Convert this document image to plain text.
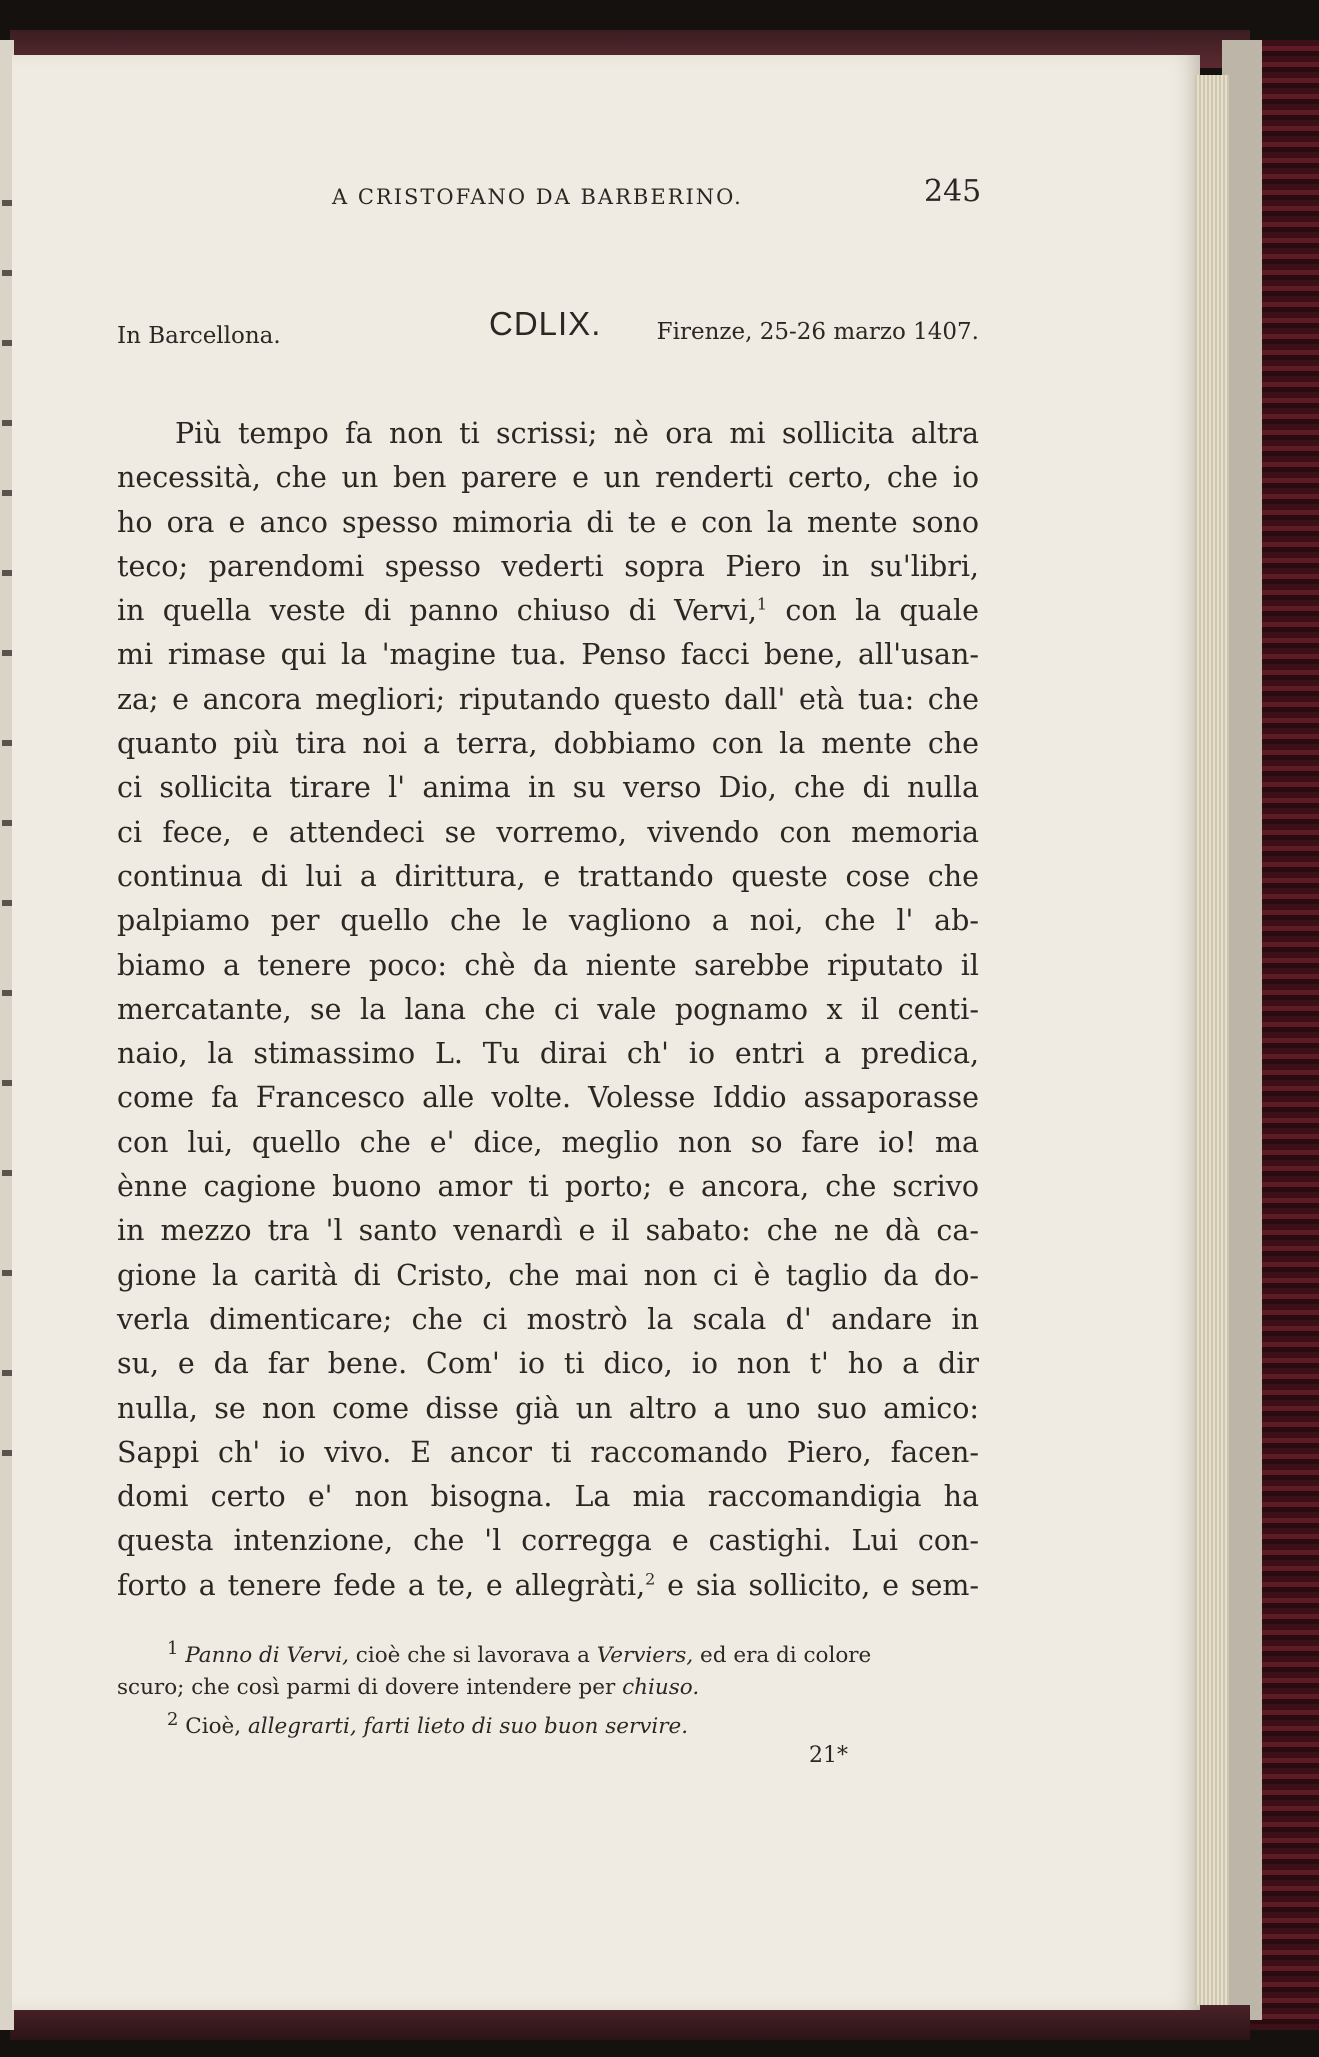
A CRISTOFANO DA BARBERINO.	245
In Barcellona.	CDLIX. Firenze, 25-26 marzo 1407.
Più tempo fa non ti scrissi; nè ora mi sollicita altra
necessità, che un ben parere e un renderti certo, che io
ho ora e anco spesso mimoria di te e con la mente sono
teco; parendomi spesso vederti sopra Piero in su'libri,
in quella veste di panno chiuso di Vervi,$^1$ con la quale
mi rimase qui la 'magine tua. Penso facci bene, all'usan-
za; e ancora megliori; riputando questo dall' età tua: che
quanto più tira noi a terra, dobbiamo con la mente che
ci sollicita tirare l' anima in su verso Dio, che di nulla
ci fece, e attendeci se vorremo, vivendo con memoria
continua di lui a dirittura, e trattando queste cose che
palpiamo per quello che le vagliono a noi, che l' ab-
biamo a tenere poco: chè da niente sarebbe riputato il
mercatante, se la lana che ci vale pognamo x il centi-
naio, la stimassimo L. Tu dirai ch' io entri a predica,
come fa Francesco alle volte. Volesse Iddio assaporasse
con lui, quello che e' dice, meglio non so fare io! ma
ènne cagione buono amor ti porto; e ancora, che scrivo
in mezzo tra 'l santo venardì e il sabato: che ne dà ca-
gione la carità di Cristo, che mai non ci è taglio da do-
verla dimenticare; che ci mostrò la scala d' andare in
su, e da far bene. Com' io ti dico, io non t' ho a dir
nulla, se non come disse già un altro a uno suo amico:
Sappi ch' io vivo. E ancor ti raccomando Piero, facen-
domi certo e' non bisogna. La mia raccomandigia ha
questa intenzione, che 'l corregga e castighi. Lui con-
forto a tenere fede a te, e allegràti,$^2$ e sia sollicito, e sem-
$^1$ Panno di Vervi, cioè che si lavorava a Verviers, ed era di colore
scuro; che così parmi di dovere intendere per chiuso.
$^2$ Cioè, allegrarti, farti lieto di suo buon servire.
21*
